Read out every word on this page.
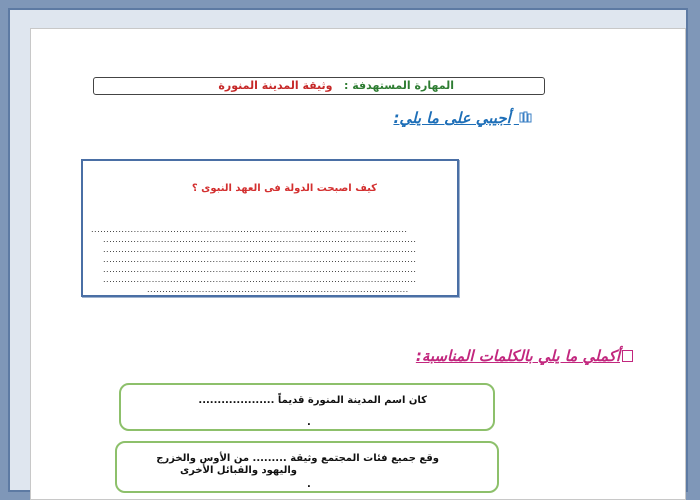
المهارة المستهدفة :   وثيقة المدينة المنورة
أجيبي على ما يلي:
كيف اصبحت الدولة فى العهد النبوى ؟
........................................................................................................
.......................................................................................................
.......................................................................................................
.......................................................................................................
.......................................................................................................
.......................................................................................................
......................................................................................
أكملي ما يلي بالكلمات المناسبة:
كان اسم المدينة المنورة قديماً ....................
.
وقع جميع فئات المجتمع وثيقة ......... من الأوس والخزرج
واليهود والقبائل الأخرى
.
